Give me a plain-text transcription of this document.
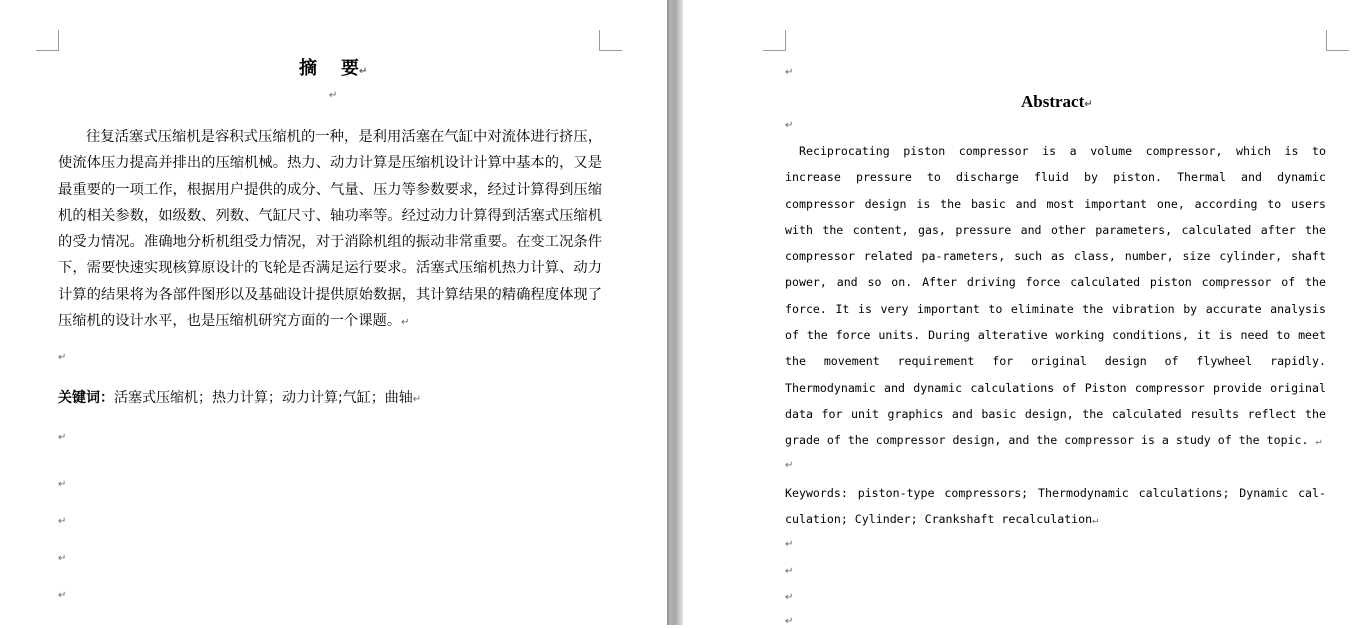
摘 要↵
↵

往复活塞式压缩机是容积式压缩机的一种，是利用活塞在气缸中对流体进行挤压，使流体压力提高并排出的压缩机械。热力、动力计算是压缩机设计计算中基本的，又是最重要的一项工作，根据用户提供的成分、气量、压力等参数要求，经过计算得到压缩机的相关参数，如级数、列数、气缸尺寸、轴功率等。经过动力计算得到活塞式压缩机的受力情况。准确地分析机组受力情况，对于消除机组的振动非常重要。在变工况条件下，需要快速实现核算原设计的飞轮是否满足运行要求。活塞式压缩机热力计算、动力计算的结果将为各部件图形以及基础设计提供原始数据，其计算结果的精确程度体现了压缩机的设计水平，也是压缩机研究方面的一个课题。↵

↵
关键词：活塞式压缩机；热力计算；动力计算;气缸；曲轴↵
↵
↵
↵
↵
↵
↵
Abstract↵
↵

Reciprocating piston compressor is a volume compressor, which is to increase pressure to discharge fluid by piston. Thermal and dynamic compressor design is the basic and most important one, according to users with the content, gas, pressure and other parameters, calculated after the compressor related pa-rameters, such as class, number, size cylinder, shaft power, and so on. After driving force calculated piston compressor of the force. It is very important to eliminate the vibration by accurate analysis of the force units. During alterative working conditions, it is need to meet the movement requirement for original design of flywheel rapidly. Thermodynamic and dynamic calculations of Piston compressor provide original data for unit graphics and basic design, the calculated results reflect the grade of the compressor design, and the compressor is a study of the topic. ↵

↵

Keywords: piston-type compressors; Thermodynamic calculations; Dynamic cal-culation; Cylinder; Crankshaft recalculation↵

↵
↵
↵
↵
